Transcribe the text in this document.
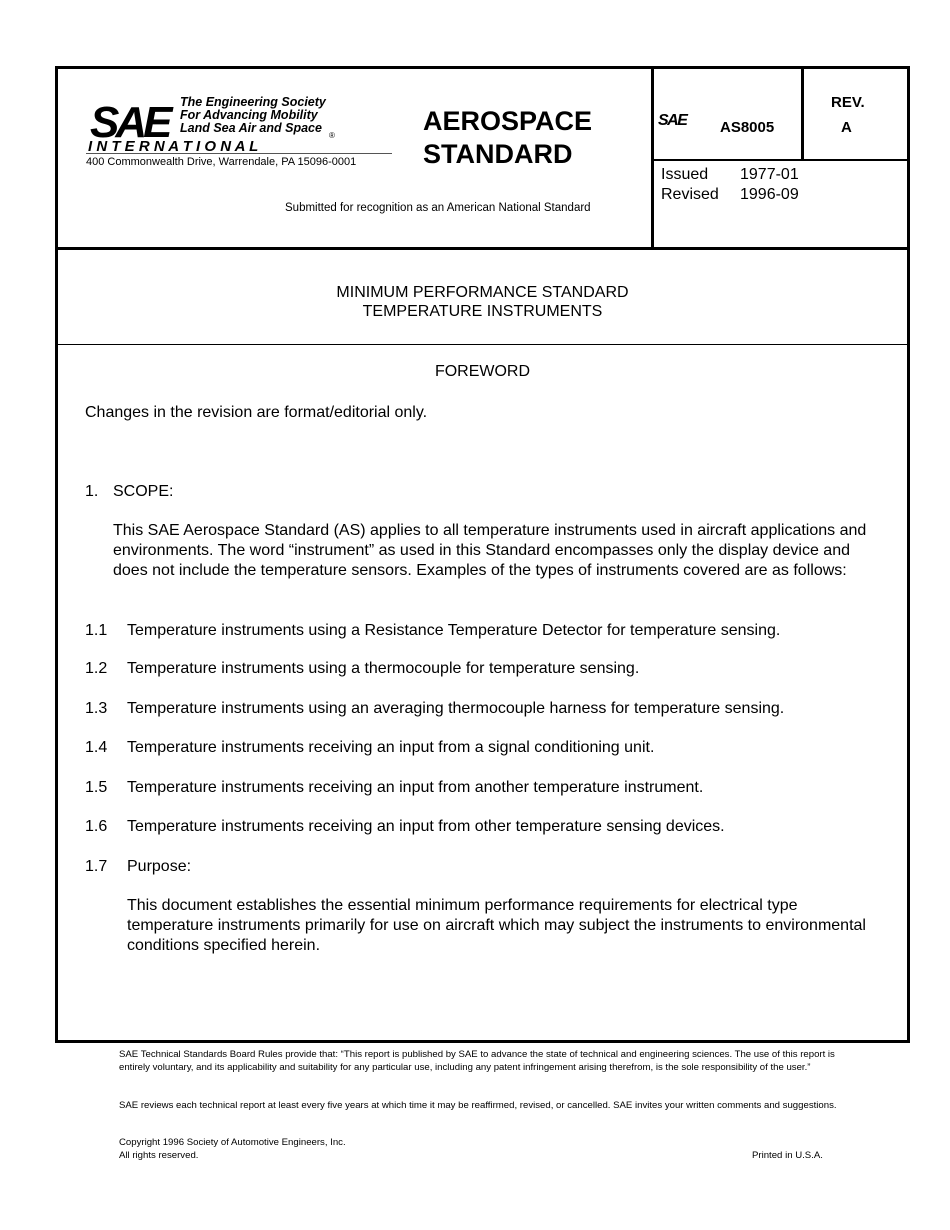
SAE The Engineering Society
For Advancing Mobility
Land Sea Air and Space
®
I N T E R N A T I O N A L
400 Commonwealth Drive, Warrendale, PA 15096-0001
AEROSPACE
STANDARD
Submitted for recognition as an American National Standard
SAE AS8005
REV.
A
Issued 1977-01
Revised 1996-09
MINIMUM PERFORMANCE STANDARD
TEMPERATURE INSTRUMENTS
FOREWORD
Changes in the revision are format/editorial only.
1. SCOPE:
This SAE Aerospace Standard (AS) applies to all temperature instruments used in aircraft applications and environments. The word “instrument” as used in this Standard encompasses only the display device and does not include the temperature sensors. Examples of the types of instruments covered are as follows:
1.1 Temperature instruments using a Resistance Temperature Detector for temperature sensing.
1.2 Temperature instruments using a thermocouple for temperature sensing.
1.3 Temperature instruments using an averaging thermocouple harness for temperature sensing.
1.4 Temperature instruments receiving an input from a signal conditioning unit.
1.5 Temperature instruments receiving an input from another temperature instrument.
1.6 Temperature instruments receiving an input from other temperature sensing devices.
1.7 Purpose:
This document establishes the essential minimum performance requirements for electrical type temperature instruments primarily for use on aircraft which may subject the instruments to environmental conditions specified herein.
SAE Technical Standards Board Rules provide that: “This report is published by SAE to advance the state of technical and engineering sciences. The use of this report is entirely voluntary, and its applicability and suitability for any particular use, including any patent infringement arising therefrom, is the sole responsibility of the user.”
SAE reviews each technical report at least every five years at which time it may be reaffirmed, revised, or cancelled. SAE invites your written comments and suggestions.
Copyright 1996 Society of Automotive Engineers, Inc.
All rights reserved.	Printed in U.S.A.
